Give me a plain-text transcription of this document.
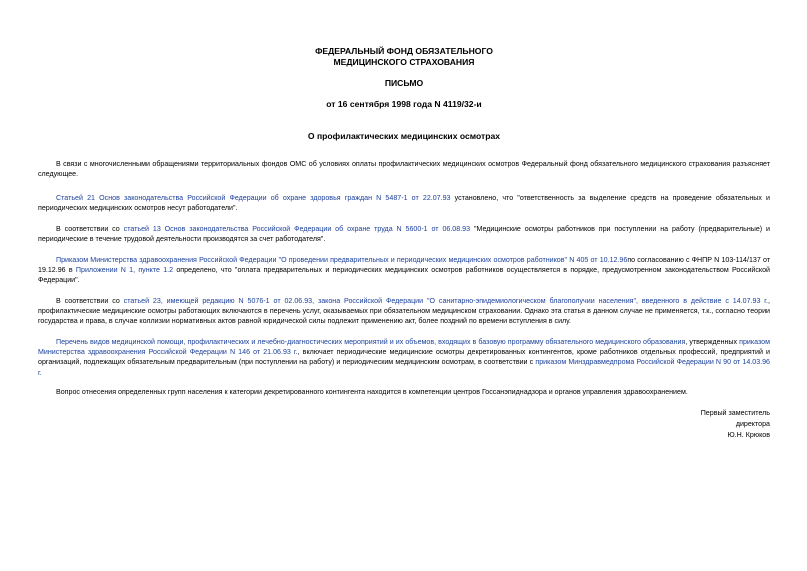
ФЕДЕРАЛЬНЫЙ ФОНД ОБЯЗАТЕЛЬНОГО
МЕДИЦИНСКОГО СТРАХОВАНИЯ
ПИСЬМО
от 16 сентября 1998 года N 4119/32-и
О профилактических медицинских осмотрах

В связи с многочисленными обращениями территориальных фондов ОМС об условиях оплаты профилактических медицинских осмотров Федеральный фонд обязательного медицинского страхования разъясняет следующее.

Статьей 21 Основ законодательства Российской Федерации об охране здоровья граждан N 5487-1 от 22.07.93 установлено, что "ответственность за выделение средств на проведение обязательных и периодических медицинских осмотров несут работодатели".

В соответствии со статьей 13 Основ законодательства Российской Федерации об охране труда N 5600-1 от 06.08.93 "Медицинские осмотры работников при поступлении на работу (предварительные) и периодические в течение трудовой деятельности производятся за счет работодателя".

Приказом Министерства здравоохранения Российской Федерации "О проведении предварительных и периодических медицинских осмотров работников" N 405 от 10.12.96по согласованию с ФНПР N 103-114/137 от 19.12.96 в Приложении N 1, пункте 1.2 определено, что "оплата предварительных и периодических медицинских осмотров работников осуществляется в порядке, предусмотренном законодательством Российской Федерации".

В соответствии со статьей 23, имеющей редакцию N 5076-1 от 02.06.93, закона Российской Федерации "О санитарно-эпидемиологическом благополучии населения", введенного в действие с 14.07.93 г., профилактические медицинские осмотры работающих включаются в перечень услуг, оказываемых при обязательном медицинском страховании. Однако эта статья в данном случае не применяется, т.к., согласно теории государства и права, в случае коллизии нормативных актов равной юридической силы подлежит применению акт, более поздний по времени вступления в силу.

Перечень видов медицинской помощи, профилактических и лечебно-диагностических мероприятий и их объемов, входящих в базовую программу обязательного медицинского образования, утвержденных приказом Министерства здравоохранения Российской Федерации N 146 от 21.06.93 г., включает периодические медицинские осмотры декретированных контингентов, кроме работников отдельных профессий, предприятий и организаций, подлежащих обязательным предварительным (при поступлении на работу) и периодическим медицинским осмотрам, в соответствии с приказом Минздравмедпрома Российской Федерации N 90 от 14.03.96 г.

Вопрос отнесения определенных групп населения к категории декретированного контингента находится в компетенции центров Госсанэпиднадзора и органов управления здравоохранением.

Первый заместитель
директора
Ю.Н. Крюков
